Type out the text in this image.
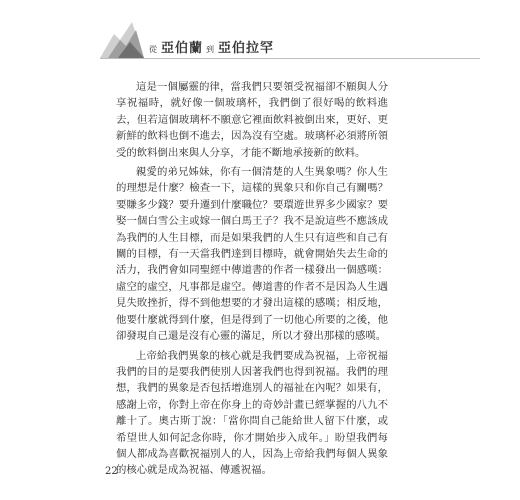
從 亞伯蘭 到 亞伯拉罕

這是一個屬靈的律，當我們只要領受祝福卻不願與人分享祝福時，就好像一個玻璃杯，我們倒了很好喝的飲料進去，但若這個玻璃杯不願意它裡面飲料被倒出來，更好、更新鮮的飲料也倒不進去，因為沒有空處。玻璃杯必須將所領受的飲料倒出來與人分享，才能不斷地承接新的飲料。

親愛的弟兄姊妹，你有一個清楚的人生異象嗎？你人生的理想是什麼？檢查一下，這樣的異象只和你自己有關嗎？要賺多少錢？要升遷到什麼職位？要環遊世界多少國家？要娶一個白雪公主或嫁一個白馬王子？我不是說這些不應該成為我們的人生目標，而是如果我們的人生只有這些和自己有關的目標，有一天當我們達到目標時，就會開始失去生命的活力，我們會如同聖經中傳道書的作者一樣發出一個感嘆：虛空的虛空，凡事都是虛空。傳道書的作者不是因為人生遇見失敗挫折，得不到他想要的才發出這樣的感嘆；相反地，他要什麼就得到什麼，但是得到了一切他心所要的之後，他卻發現自己還是沒有心靈的滿足，所以才發出那樣的感嘆。

上帝給我們異象的核心就是我們要成為祝福，上帝祝福我們的目的是要我們使別人因著我們也得到祝福。我們的理想，我們的異象是否包括增進別人的福祉在內呢？如果有，感謝上帝，你對上帝在你身上的奇妙計畫已經掌握的八九不離十了。奧古斯丁說：「當你問自己能給世人留下什麼，或希望世人如何記念你時，你才開始步入成年。」盼望我們每個人都成為喜歡祝福別人的人，因為上帝給我們每個人異象的核心就是成為祝福、傳遞祝福。

22
